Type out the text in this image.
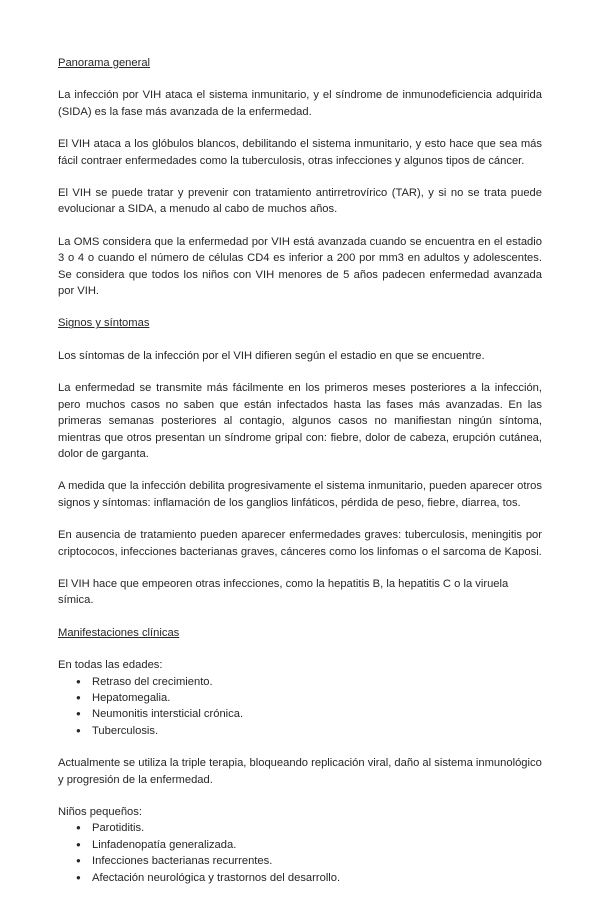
Panorama general

La infección por VIH ataca el sistema inmunitario, y el síndrome de inmunodeficiencia adquirida (SIDA) es la fase más avanzada de la enfermedad.

El VIH ataca a los glóbulos blancos, debilitando el sistema inmunitario, y esto hace que sea más fácil contraer enfermedades como la tuberculosis, otras infecciones y algunos tipos de cáncer.

El VIH se puede tratar y prevenir con tratamiento antirretrovírico (TAR), y si no se trata puede evolucionar a SIDA, a menudo al cabo de muchos años.

La OMS considera que la enfermedad por VIH está avanzada cuando se encuentra en el estadio 3 o 4 o cuando el número de células CD4 es inferior a 200 por mm3 en adultos y adolescentes. Se considera que todos los niños con VIH menores de 5 años padecen enfermedad avanzada por VIH.

Signos y síntomas

Los síntomas de la infección por el VIH difieren según el estadio en que se encuentre.

La enfermedad se transmite más fácilmente en los primeros meses posteriores a la infección, pero muchos casos no saben que están infectados hasta las fases más avanzadas. En las primeras semanas posteriores al contagio, algunos casos no manifiestan ningún síntoma, mientras que otros presentan un síndrome gripal con: fiebre, dolor de cabeza, erupción cutánea, dolor de garganta.

A medida que la infección debilita progresivamente el sistema inmunitario, pueden aparecer otros signos y síntomas: inflamación de los ganglios linfáticos, pérdida de peso, fiebre, diarrea, tos.

En ausencia de tratamiento pueden aparecer enfermedades graves: tuberculosis, meningitis por criptococos, infecciones bacterianas graves, cánceres como los linfomas o el sarcoma de Kaposi.

El VIH hace que empeoren otras infecciones, como la hepatitis B, la hepatitis C o la viruela símica.

Manifestaciones clínicas
En todas las edades:
● Retraso del crecimiento.
● Hepatomegalia.
● Neumonitis intersticial crónica.
● Tuberculosis.

Actualmente se utiliza la triple terapia, bloqueando replicación viral, daño al sistema inmunológico y progresión de la enfermedad.

Niños pequeños:
● Parotiditis.
● Linfadenopatía generalizada.
● Infecciones bacterianas recurrentes.
● Afectación neurológica y trastornos del desarrollo.
